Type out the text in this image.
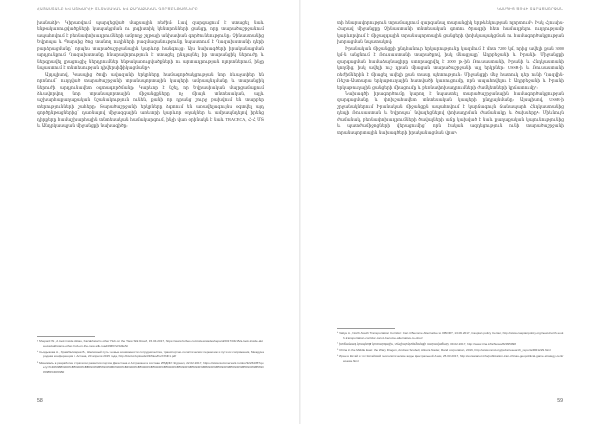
ՀԱՅԱՍՏԱՆԸ ԵՎ ԱՇԽԱՐՀԻ ՏՆՏԵՍԱԿԱՆ ԵՎ ՔԱՂԱՔԱԿԱՆ ԳՈՐԾԸՆԹԱՑՆԵՐԸ

խանաձի³։ Կիրառվում պարզեցված մաքսային ռեժիմ։ Լավ զարգացում է ստացել նաև ենթակառուցվածքների կապակցման ու լոգիստիկ կենտրոնների ցանցը, որը տարածաշրջանում ապահովում է բեռնափոխադրումների ամբողջ շղթայի անխափան գործունեությունը։ Չինաստանից Եվրոպա և Պարսից ծոց տանող ուղիների բազմազանությունը նպաստում է Ղազախստանի դերի բարձրացմանը՝ որպես տարածաշրջանային կարևոր հանգույց։ Այս նախագծերի իրականացման արդյունքում Ղազախստանը հնարավորություն է ստացել ընդլայնել իր տարանցիկ ներուժը և ներգրավել լրացուցիչ ներդրումներ ենթակառուցվածքների ու արտադրության ոլորտներում, ինչը նպաստում է տնտեսության դիվերսիֆիկացմանը⁴։

Այդպիսով, Կասպից ծովի ավազանի երկրները համագործակցության նոր ձևաչափեր են որոնում՝ ուղղված տարածաշրջանի տրանսպորտային կապերի ամրապնդմանը և տարանցիկ ներուժի արդյունավետ օգտագործմանը։ Կարևոր է նշել, որ Եվրասիական մայրցամաքում ձևավորվող նոր տրանսպորտային միջանցքները ոչ միայն տնտեսական, այլև աշխարհաքաղաքական նշանակություն ունեն, քանի որ դրանց շուրջ բախվում են տարբեր տերությունների շահերը։ Տարածաշրջանի երկրները ձգտում են առավելագույնս օգտվել այդ գործընթացներից՝ դառնալով միջազգային առևտրի կարևոր օղակներ և ամրապնդելով իրենց դիրքերը համաշխարհային տնտեսական համակարգում, ինչի վառ օրինակն է նաև TRACECA, Հ-Հ ՄՏ և Անդրկասպյան միջանցքի նախագիծը։

³ Shepard W., A look inside Aktau, Kazakhstan's other Hub on the 'New Silk Road', 15.04.2017, https://www.forbes.com/sites/wadeshepard/2017/04/15/a-look-inside-aktau-kazakhstans-other-hub-on-the-new-silk-road/#9f07ef3d3e5c

⁴ Сыздыкова А., Храмбалиарев Б., Шелковый путь: новые возможности сотрудничества, транспортно-логистических перевозок и пути их сопряжения, Международная конференция г. Астана, 20 апреля 2015 года, http://kisi.kz/uploads/33/files/KuXXNF1.pdf

⁵ Минималь в разработке стратегии развития портов Дагестана и Астрахани в составе ИНДИИ: Журнал, 22.02.2017, https://www.kommersant.ru/doc/3226435?query=%D0%BB%D0%B5%D0%BB%D0%B5%D0%BD%D0%B4%D0%B5%D0%B5%D0%B5%D0%B5%D0%B5%D0%B8%D0%B5%D0%B5%D0%B5%D0%B5%D0%B5%D0%B0

58
ԿԱՍՊԻՑ ԾՈՎԻ ՏԱՐԱԾԱՇՐՋԱՆ

տի հնարավորություն տրամադրում զարգանալ տարանցիկ երթևեկության ոլորտում⁶։ Իսկ Հյուսիս-Հարավ միջանցքը Չինաստանի տնտեսական գոտու ծրագրի հետ համադրելու ուղղությամբ կարևորվում է միջազգային տրանսպորտային ցանցերի փոխկապակցման ու համագործակցության խորացման նպատակով։

Իրանական միջանցքի ընդհանուր երկարությունը կազմում է մոտ 7200 կմ, որից ավելի քան 3000 կմ-ն անցնում է Ռուսաստանի տարածքով, իսկ մնացյալը՝ Ադրբեջանի և Իրանի։ Միջանցքի զարգացման համաձայնագիրը ստորագրվել է 2000 թ.-ին Ռուսաստանի, Իրանի և Հնդկաստանի կողմից, իսկ ավելի ուշ դրան միացան տարածաշրջանի այլ երկրներ։ USSR-ի և Ռուսաստանի ռեժիմներին է միացել ավելի քան տասը պետություն։ Միջանցքի մեջ հատուկ դեր ունի Ղազվին-Ռեշտ-Աստարա երկաթուղային հատվածի կառուցումը, որն ապահովելու է Ադրբեջանի և Իրանի երկաթուղային ցանցերի միացումը և բեռնափոխադրումների ժամկետների կրճատումը⁷։

Նախագծի իրագործումը կարող է նպաստել տարածաշրջանային համագործակցության զարգացմանը և փոխշահավետ տնտեսական կապերի ընդլայնմանը։ Այսպիսով, USSR-ի շրջանակներում Իրանական միջանցքն ապահովում է կարճագույն ճանապարհ Հնդկաստանից դեպի Ռուսաստան և Եվրոպա՝ նվազեցնելով փոխադրման ժամանակը և ծախսերը⁸։ Միևնույն ժամանակ, բեռնափոխադրումների ծավալների աճը կախված է նաև քաղաքական կայունությունից և պատժամիջոցների վերացումից՝ որն էական ազդեցություն ունի տարածաշրջանի տրանսպորտային նախագծերի իրականացման վրա⁹։

⁶ Valiye A., North-South Transportation Corridor: Can it Become Alternative to OBOR?, 13.06.2017, Caspian policy Center, http://www.caspianpolicy.org/news/north-south-transportation-corridor-can-it-become-alternative-to-obor/

⁷ խոճաևագ կուպեոթ կոտարգայիւ, տևլիպոկտեմեսեցի սարավաճար, 09.02.2017, http://www.irna.ir/fa/News/82395098

⁸ China in the Middle East: the Wary Dragon, Andrew Scobell, Alireza Nader, Rand corporation, 2016, http://www.rand.org/pubs/research_reports/RR1229.html

⁹ Иран в Китай и тот Китайский геополитические виды Центральной Азии, 25.03.2017, http://eurasianet.info/publication-iran-chinas-geopolitical-game-strategy-central-asia.html

59
